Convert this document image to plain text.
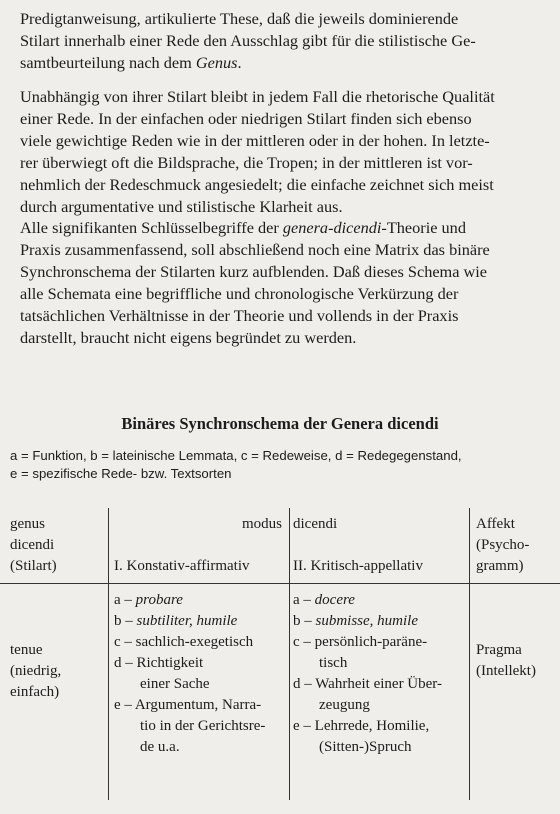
Predigtanweisung, artikulierte These, daß die jeweils dominierende
Stilart innerhalb einer Rede den Ausschlag gibt für die stilistische Ge-
samtbeurteilung nach dem Genus.
Unabhängig von ihrer Stilart bleibt in jedem Fall die rhetorische Qualität
einer Rede. In der einfachen oder niedrigen Stilart finden sich ebenso
viele gewichtige Reden wie in der mittleren oder in der hohen. In letzte-
rer überwiegt oft die Bildsprache, die Tropen; in der mittleren ist vor-
nehmlich der Redeschmuck angesiedelt; die einfache zeichnet sich meist
durch argumentative und stilistische Klarheit aus.
Alle signifikanten Schlüsselbegriffe der genera-dicendi-Theorie und
Praxis zusammenfassend, soll abschließend noch eine Matrix das binäre
Synchronschema der Stilarten kurz aufblenden. Daß dieses Schema wie
alle Schemata eine begriffliche und chronologische Verkürzung der
tatsächlichen Verhältnisse in der Theorie und vollends in der Praxis
darstellt, braucht nicht eigens begründet zu werden.
Binäres Synchronschema der Genera dicendi
a = Funktion, b = lateinische Lemmata, c = Redeweise, d = Redegegenstand,
e = spezifische Rede- bzw. Textsorten
genus
dicendi
(Stilart)
modus
I. Konstativ-affirmativ
dicendi
II. Kritisch-appellativ
Affekt
(Psycho-
gramm)
tenue
(niedrig,
einfach)
a – probare
b – subtiliter, humile
c – sachlich-exegetisch
d – Richtigkeit
einer Sache
e – Argumentum, Narra-
tio in der Gerichtsre-
de u.a.
a – docere
b – submisse, humile
c – persönlich-paräne-
tisch
d – Wahrheit einer Über-
zeugung
e – Lehrrede, Homilie,
(Sitten-)Spruch
Pragma
(Intellekt)
